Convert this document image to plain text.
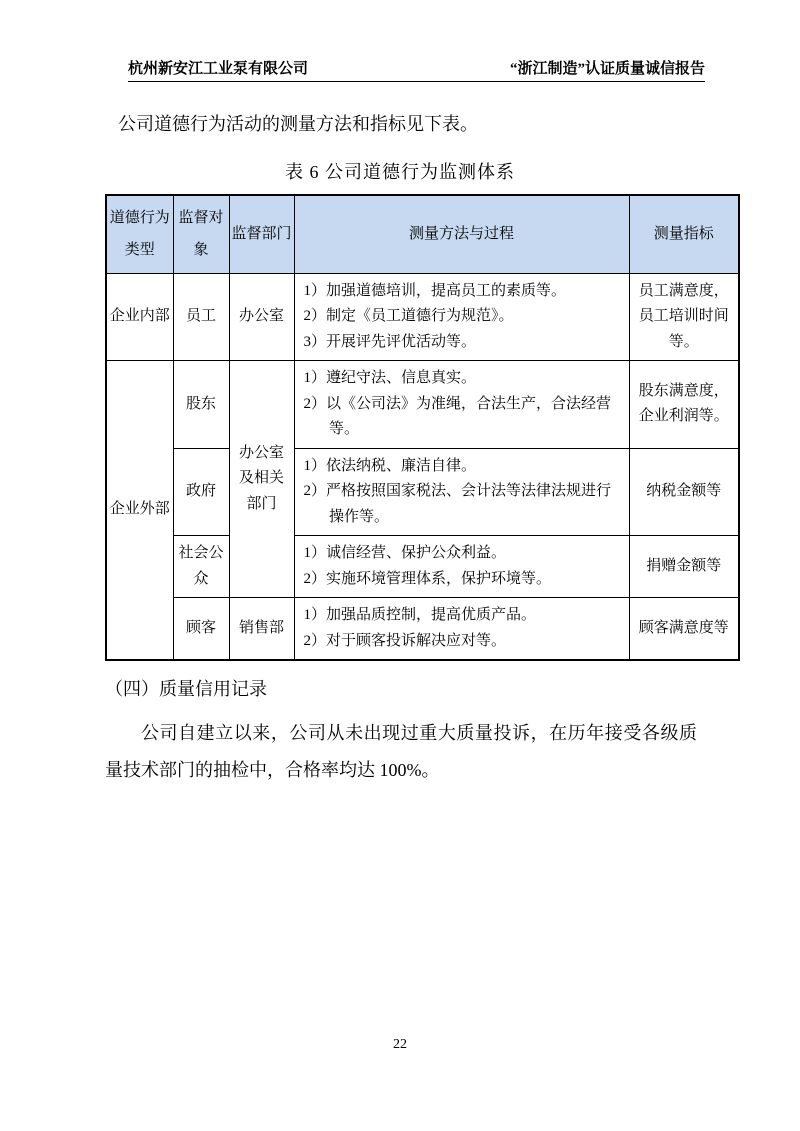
杭州新安江工业泵有限公司	“浙江制造”认证质量诚信报告
公司道德行为活动的测量方法和指标见下表。
表 6 公司道德行为监测体系
道德行为类型	监督对象	监督部门	测量方法与过程	测量指标
企业内部	员工	办公室	1）加强道德培训，提高员工的素质等。
2）制定《员工道德行为规范》。
3）开展评先评优活动等。	员工满意度，员工培训时间等。
企业外部	股东	办公室及相关部门	1）遵纪守法、信息真实。
2）以《公司法》为准绳，合法生产，合法经营等。	股东满意度，企业利润等。
	政府		1）依法纳税、廉洁自律。
2）严格按照国家税法、会计法等法律法规进行操作等。	纳税金额等
	社会公众		1）诚信经营、保护公众利益。
2）实施环境管理体系，保护环境等。	捐赠金额等
	顾客	销售部	1）加强品质控制，提高优质产品。
2）对于顾客投诉解决应对等。	顾客满意度等
（四）质量信用记录
公司自建立以来，公司从未出现过重大质量投诉，在历年接受各级质量技术部门的抽检中，合格率均达 100%。
22
